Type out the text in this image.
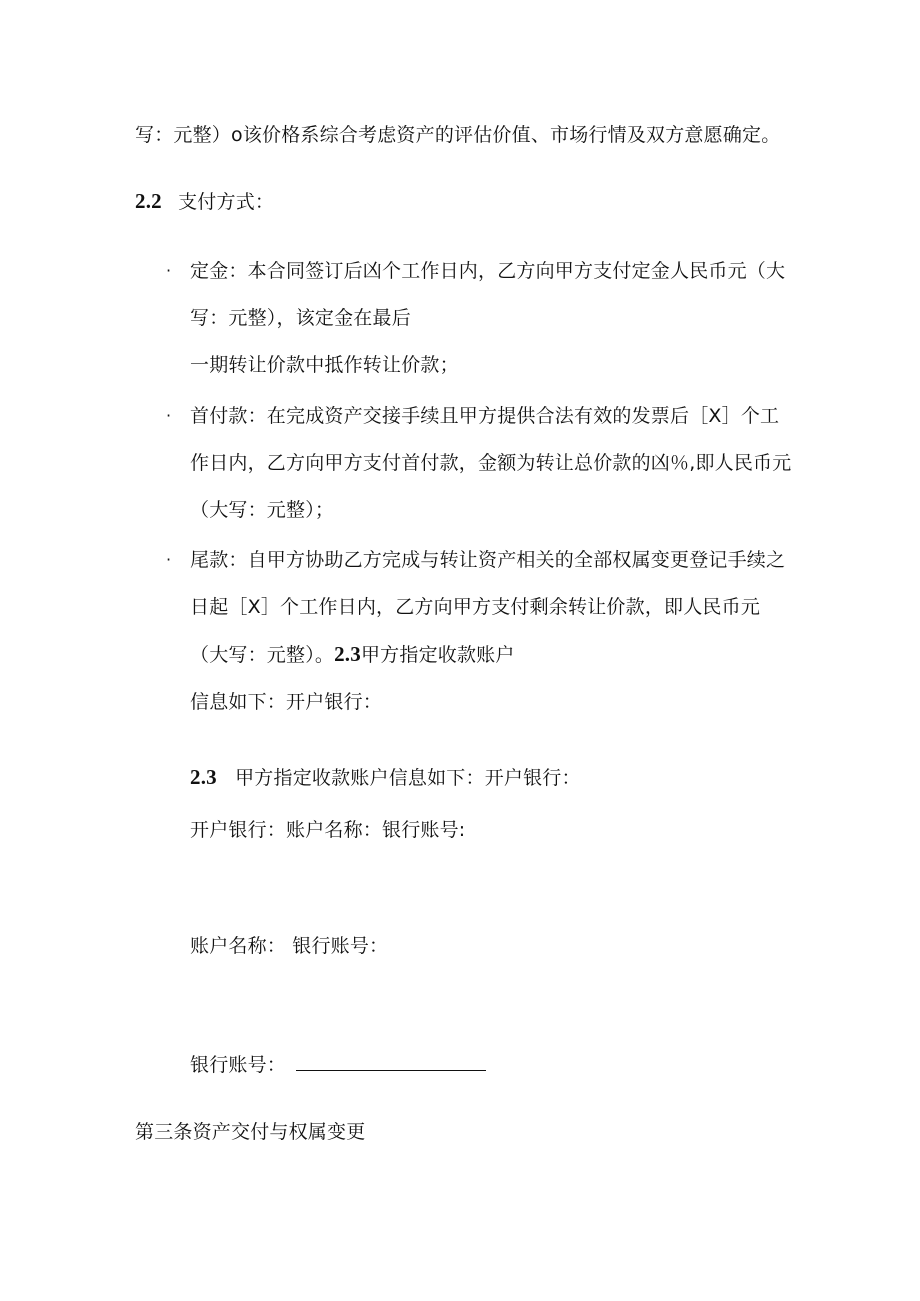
写：元整）o该价格系综合考虑资产的评估价值、市场行情及双方意愿确定。
2.2 支付方式：
· 定金：本合同签订后凶个工作日内，乙方向甲方支付定金人民币元（大
写：元整），该定金在最后
一期转让价款中抵作转让价款；
· 首付款：在完成资产交接手续且甲方提供合法有效的发票后［X］个工
作日内，乙方向甲方支付首付款，金额为转让总价款的凶％,即人民币元
（大写：元整）；
· 尾款：自甲方协助乙方完成与转让资产相关的全部权属变更登记手续之
日起［X］个工作日内，乙方向甲方支付剩余转让价款，即人民币元
（大写：元整）。2.3甲方指定收款账户
信息如下：开户银行：
2.3 甲方指定收款账户信息如下：开户银行：
开户银行：账户名称：银行账号:
账户名称： 银行账号：
银行账号：
第三条资产交付与权属变更
